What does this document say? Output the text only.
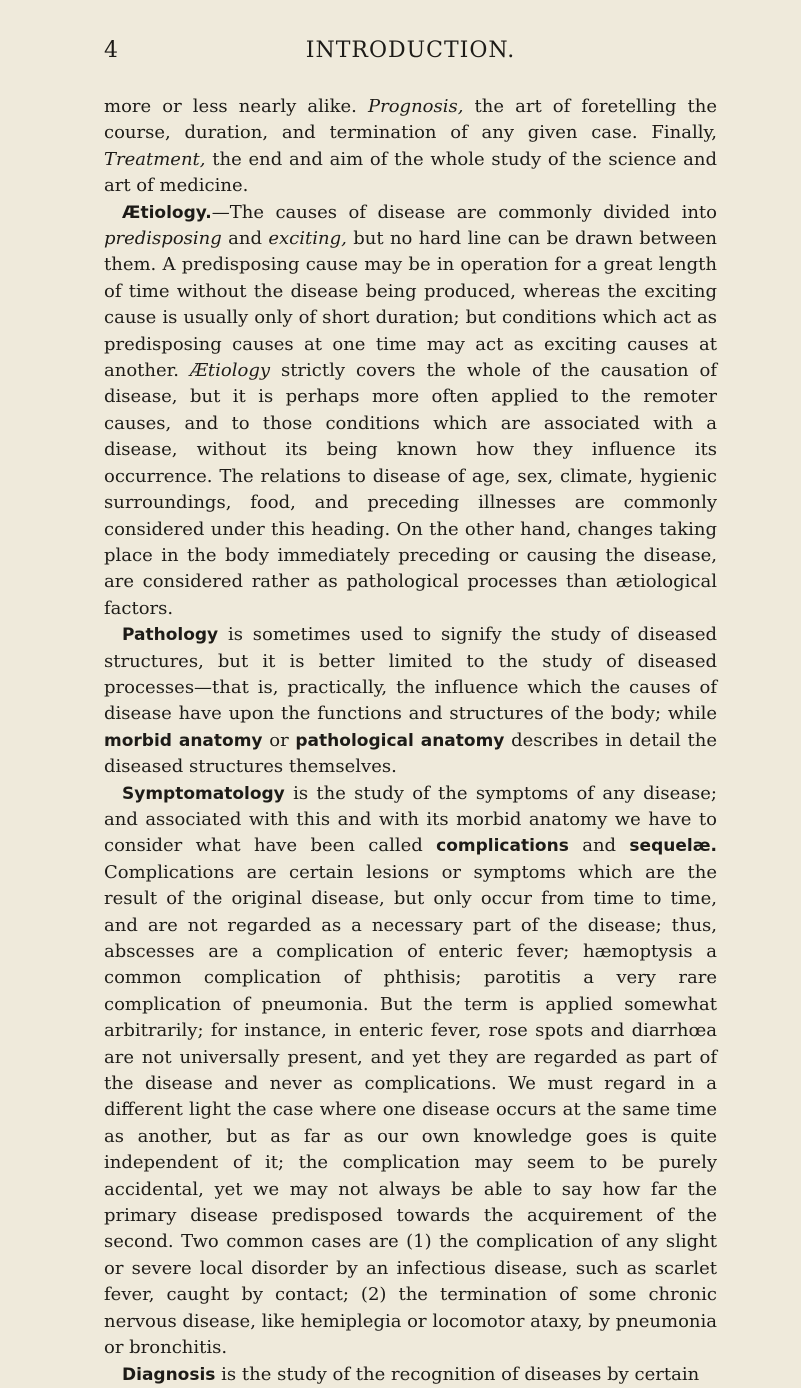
4	INTRODUCTION.

more or less nearly alike. Prognosis, the art of foretelling the course, duration, and termination of any given case. Finally, Treatment, the end and aim of the whole study of the science and art of medicine.

Ætiology.—The causes of disease are commonly divided into predisposing and exciting, but no hard line can be drawn between them. A predisposing cause may be in operation for a great length of time without the disease being produced, whereas the exciting cause is usually only of short duration; but conditions which act as predisposing causes at one time may act as exciting causes at another. Ætiology strictly covers the whole of the causation of disease, but it is perhaps more often applied to the remoter causes, and to those conditions which are associated with a disease, without its being known how they influence its occurrence. The relations to disease of age, sex, climate, hygienic surroundings, food, and preceding illnesses are commonly considered under this heading. On the other hand, changes taking place in the body immediately preceding or causing the disease, are considered rather as pathological processes than ætiological factors.

Pathology is sometimes used to signify the study of diseased structures, but it is better limited to the study of diseased processes—that is, practically, the influence which the causes of disease have upon the functions and structures of the body; while morbid anatomy or pathological anatomy describes in detail the diseased structures themselves.

Symptomatology is the study of the symptoms of any disease; and associated with this and with its morbid anatomy we have to consider what have been called complications and sequelæ. Complications are certain lesions or symptoms which are the result of the original disease, but only occur from time to time, and are not regarded as a necessary part of the disease; thus, abscesses are a complication of enteric fever; hæmoptysis a common complication of phthisis; parotitis a very rare complication of pneumonia. But the term is applied somewhat arbitrarily; for instance, in enteric fever, rose spots and diarrhœa are not universally present, and yet they are regarded as part of the disease and never as complications. We must regard in a different light the case where one disease occurs at the same time as another, but as far as our own knowledge goes is quite independent of it; the complication may seem to be purely accidental, yet we may not always be able to say how far the primary disease predisposed towards the acquirement of the second. Two common cases are (1) the complication of any slight or severe local disorder by an infectious disease, such as scarlet fever, caught by contact; (2) the termination of some chronic nervous disease, like hemiplegia or locomotor ataxy, by pneumonia or bronchitis.

Diagnosis is the study of the recognition of diseases by certain
